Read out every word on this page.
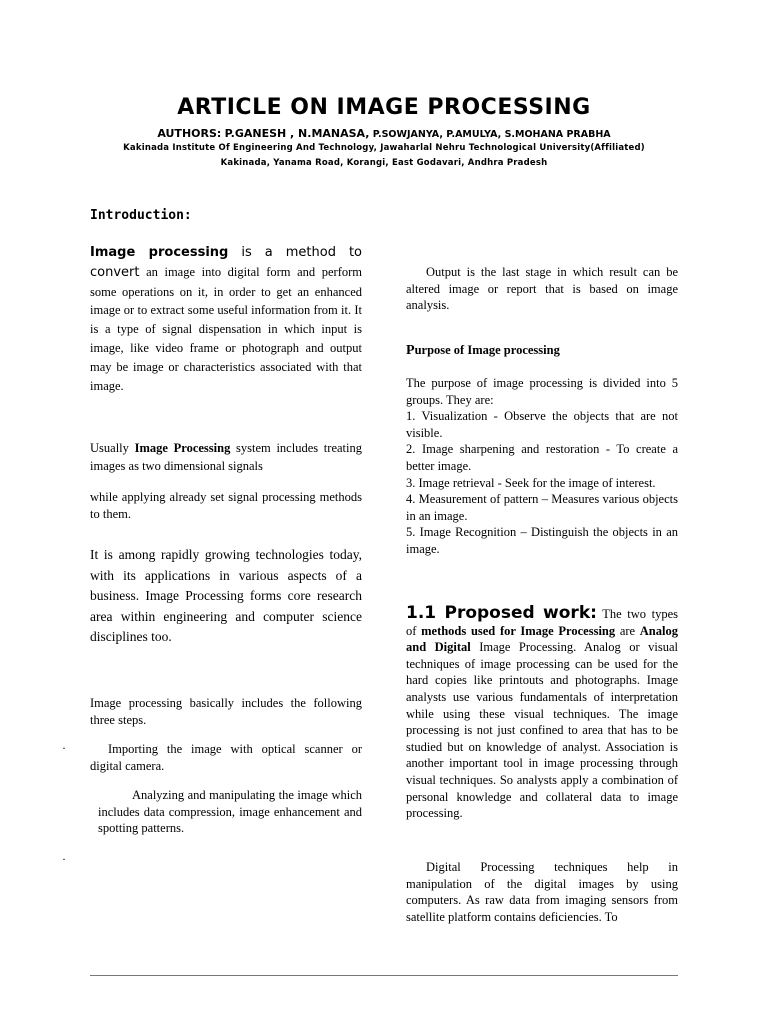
ARTICLE ON IMAGE PROCESSING
AUTHORS: P.GANESH , N.MANASA, P.SOWJANYA, P.AMULYA, S.MOHANA PRABHA
Kakinada Institute Of Engineering And Technology, Jawaharlal Nehru Technological University(Affiliated)
Kakinada, Yanama Road, Korangi, East Godavari, Andhra Pradesh
Introduction:

Image processing is a method to convert an image into digital form and perform some operations on it, in order to get an enhanced image or to extract some useful information from it. It is a type of signal dispensation in which input is image, like video frame or photograph and output may be image or characteristics associated with that image.

Usually Image Processing system includes treating images as two dimensional signals

while applying already set signal processing methods to them.

It is among rapidly growing technologies today, with its applications in various aspects of a business. Image Processing forms core research area within engineering and computer science disciplines too.

Image processing basically includes the following three steps.

·	Importing the image with optical scanner or digital camera.

Analyzing and manipulating the image which includes data compression, image enhancement and spotting patterns.

·

Output is the last stage in which result can be altered image or report that is based on image analysis.

Purpose of Image processing

The purpose of image processing is divided into 5 groups. They are:

1. Visualization - Observe the objects that are not visible.

2. Image sharpening and restoration - To create a better image.

3. Image retrieval - Seek for the image of interest.

4. Measurement of pattern – Measures various objects in an image.

5. Image Recognition – Distinguish the objects in an image.

1.1 Proposed work: The two types of methods used for Image Processing are Analog and Digital Image Processing. Analog or visual techniques of image processing can be used for the hard copies like printouts and photographs. Image analysts use various fundamentals of interpretation while using these visual techniques. The image processing is not just confined to area that has to be studied but on knowledge of analyst. Association is another important tool in image processing through visual techniques. So analysts apply a combination of personal knowledge and collateral data to image processing.

Digital Processing techniques help in manipulation of the digital images by using computers. As raw data from imaging sensors from satellite platform contains deficiencies. To
